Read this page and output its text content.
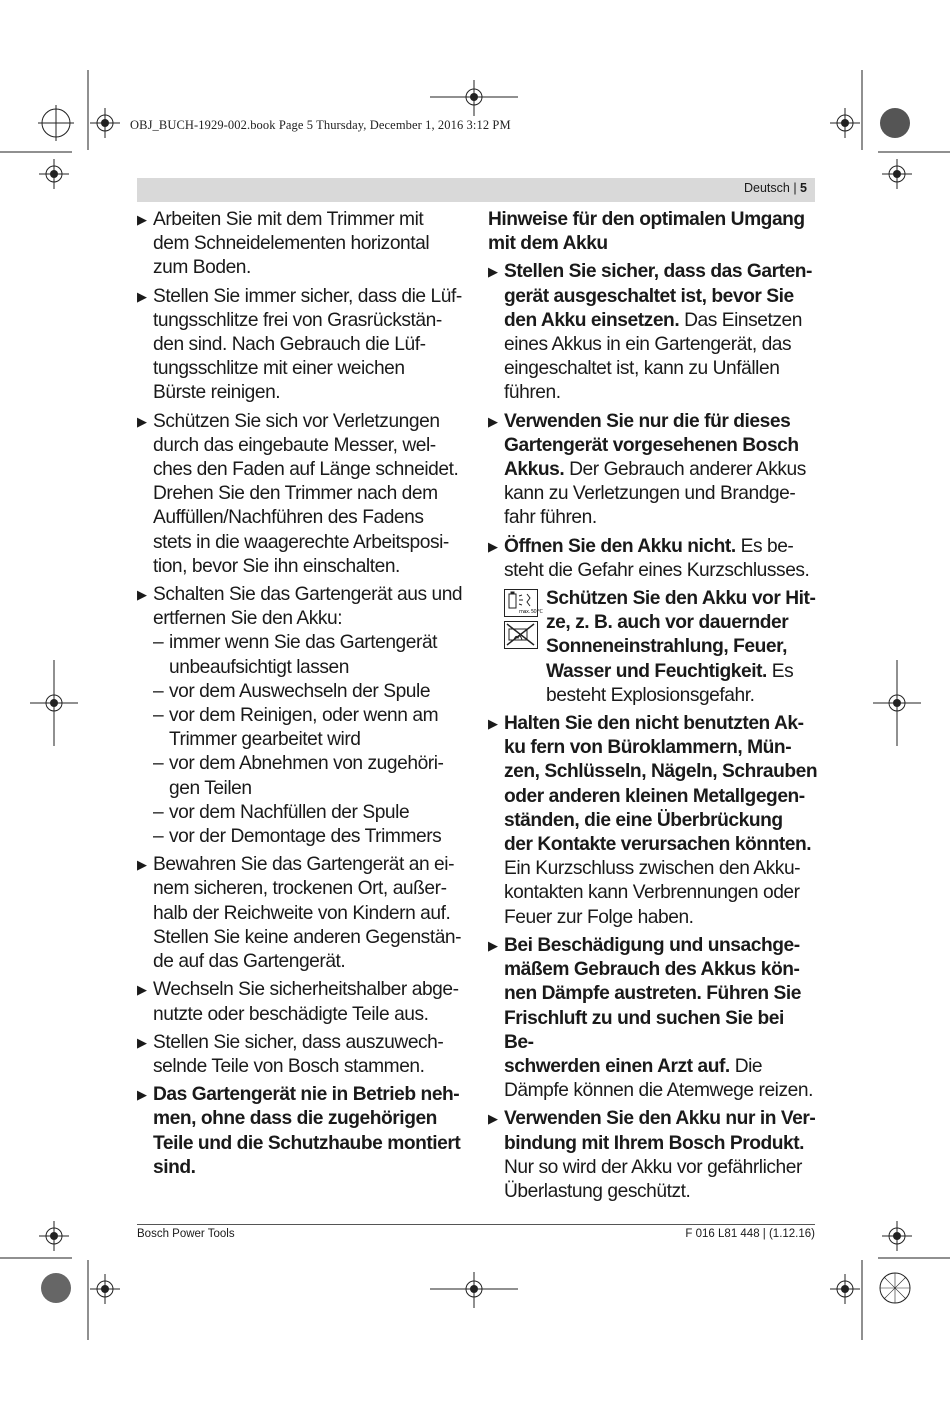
OBJ_BUCH-1929-002.book Page 5 Thursday, December 1, 2016 3:12 PM
Deutsch | 5
▶ Arbeiten Sie mit dem Trimmer mit
dem Schneidelementen horizontal
zum Boden.
▶ Stellen Sie immer sicher, dass die Lüf-
tungsschlitze frei von Grasrückstän-
den sind. Nach Gebrauch die Lüf-
tungsschlitze mit einer weichen
Bürste reinigen.
▶ Schützen Sie sich vor Verletzungen
durch das eingebaute Messer, wel-
ches den Faden auf Länge schneidet.
Drehen Sie den Trimmer nach dem
Auffüllen/Nachführen des Fadens
stets in die waagerechte Arbeitsposi-
tion, bevor Sie ihn einschalten.
▶ Schalten Sie das Gartengerät aus und
ertfernen Sie den Akku:
– immer wenn Sie das Gartengerät
unbeaufsichtigt lassen
– vor dem Auswechseln der Spule
– vor dem Reinigen, oder wenn am
Trimmer gearbeitet wird
– vor dem Abnehmen von zugehöri-
gen Teilen
– vor dem Nachfüllen der Spule
– vor der Demontage des Trimmers
▶ Bewahren Sie das Gartengerät an ei-
nem sicheren, trockenen Ort, außer-
halb der Reichweite von Kindern auf.
Stellen Sie keine anderen Gegenstän-
de auf das Gartengerät.
▶ Wechseln Sie sicherheitshalber abge-
nutzte oder beschädigte Teile aus.
▶ Stellen Sie sicher, dass auszuwech-
selnde Teile von Bosch stammen.
▶ Das Gartengerät nie in Betrieb neh-
men, ohne dass die zugehörigen
Teile und die Schutzhaube montiert
sind.
Hinweise für den optimalen Umgang
mit dem Akku
▶ Stellen Sie sicher, dass das Garten-
gerät ausgeschaltet ist, bevor Sie
den Akku einsetzen. Das Einsetzen
eines Akkus in ein Gartengerät, das
eingeschaltet ist, kann zu Unfällen
führen.
▶ Verwenden Sie nur die für dieses
Gartengerät vorgesehenen Bosch
Akkus. Der Gebrauch anderer Akkus
kann zu Verletzungen und Brandge-
fahr führen.
▶ Öffnen Sie den Akku nicht. Es be-
steht die Gefahr eines Kurzschlusses.
max. 50 °C
Schützen Sie den Akku vor Hit-
ze, z. B. auch vor dauernder
Sonneneinstrahlung, Feuer,
Wasser und Feuchtigkeit. Es
besteht Explosionsgefahr.
▶ Halten Sie den nicht benutzten Ak-
ku fern von Büroklammern, Mün-
zen, Schlüsseln, Nägeln, Schrauben
oder anderen kleinen Metallgegen-
ständen, die eine Überbrückung
der Kontakte verursachen könnten.
Ein Kurzschluss zwischen den Akku-
kontakten kann Verbrennungen oder
Feuer zur Folge haben.
▶ Bei Beschädigung und unsachge-
mäßem Gebrauch des Akkus kön-
nen Dämpfe austreten. Führen Sie
Frischluft zu und suchen Sie bei Be-
schwerden einen Arzt auf. Die
Dämpfe können die Atemwege reizen.
▶ Verwenden Sie den Akku nur in Ver-
bindung mit Ihrem Bosch Produkt.
Nur so wird der Akku vor gefährlicher
Überlastung geschützt.
Bosch Power Tools	F 016 L81 448 | (1.12.16)
